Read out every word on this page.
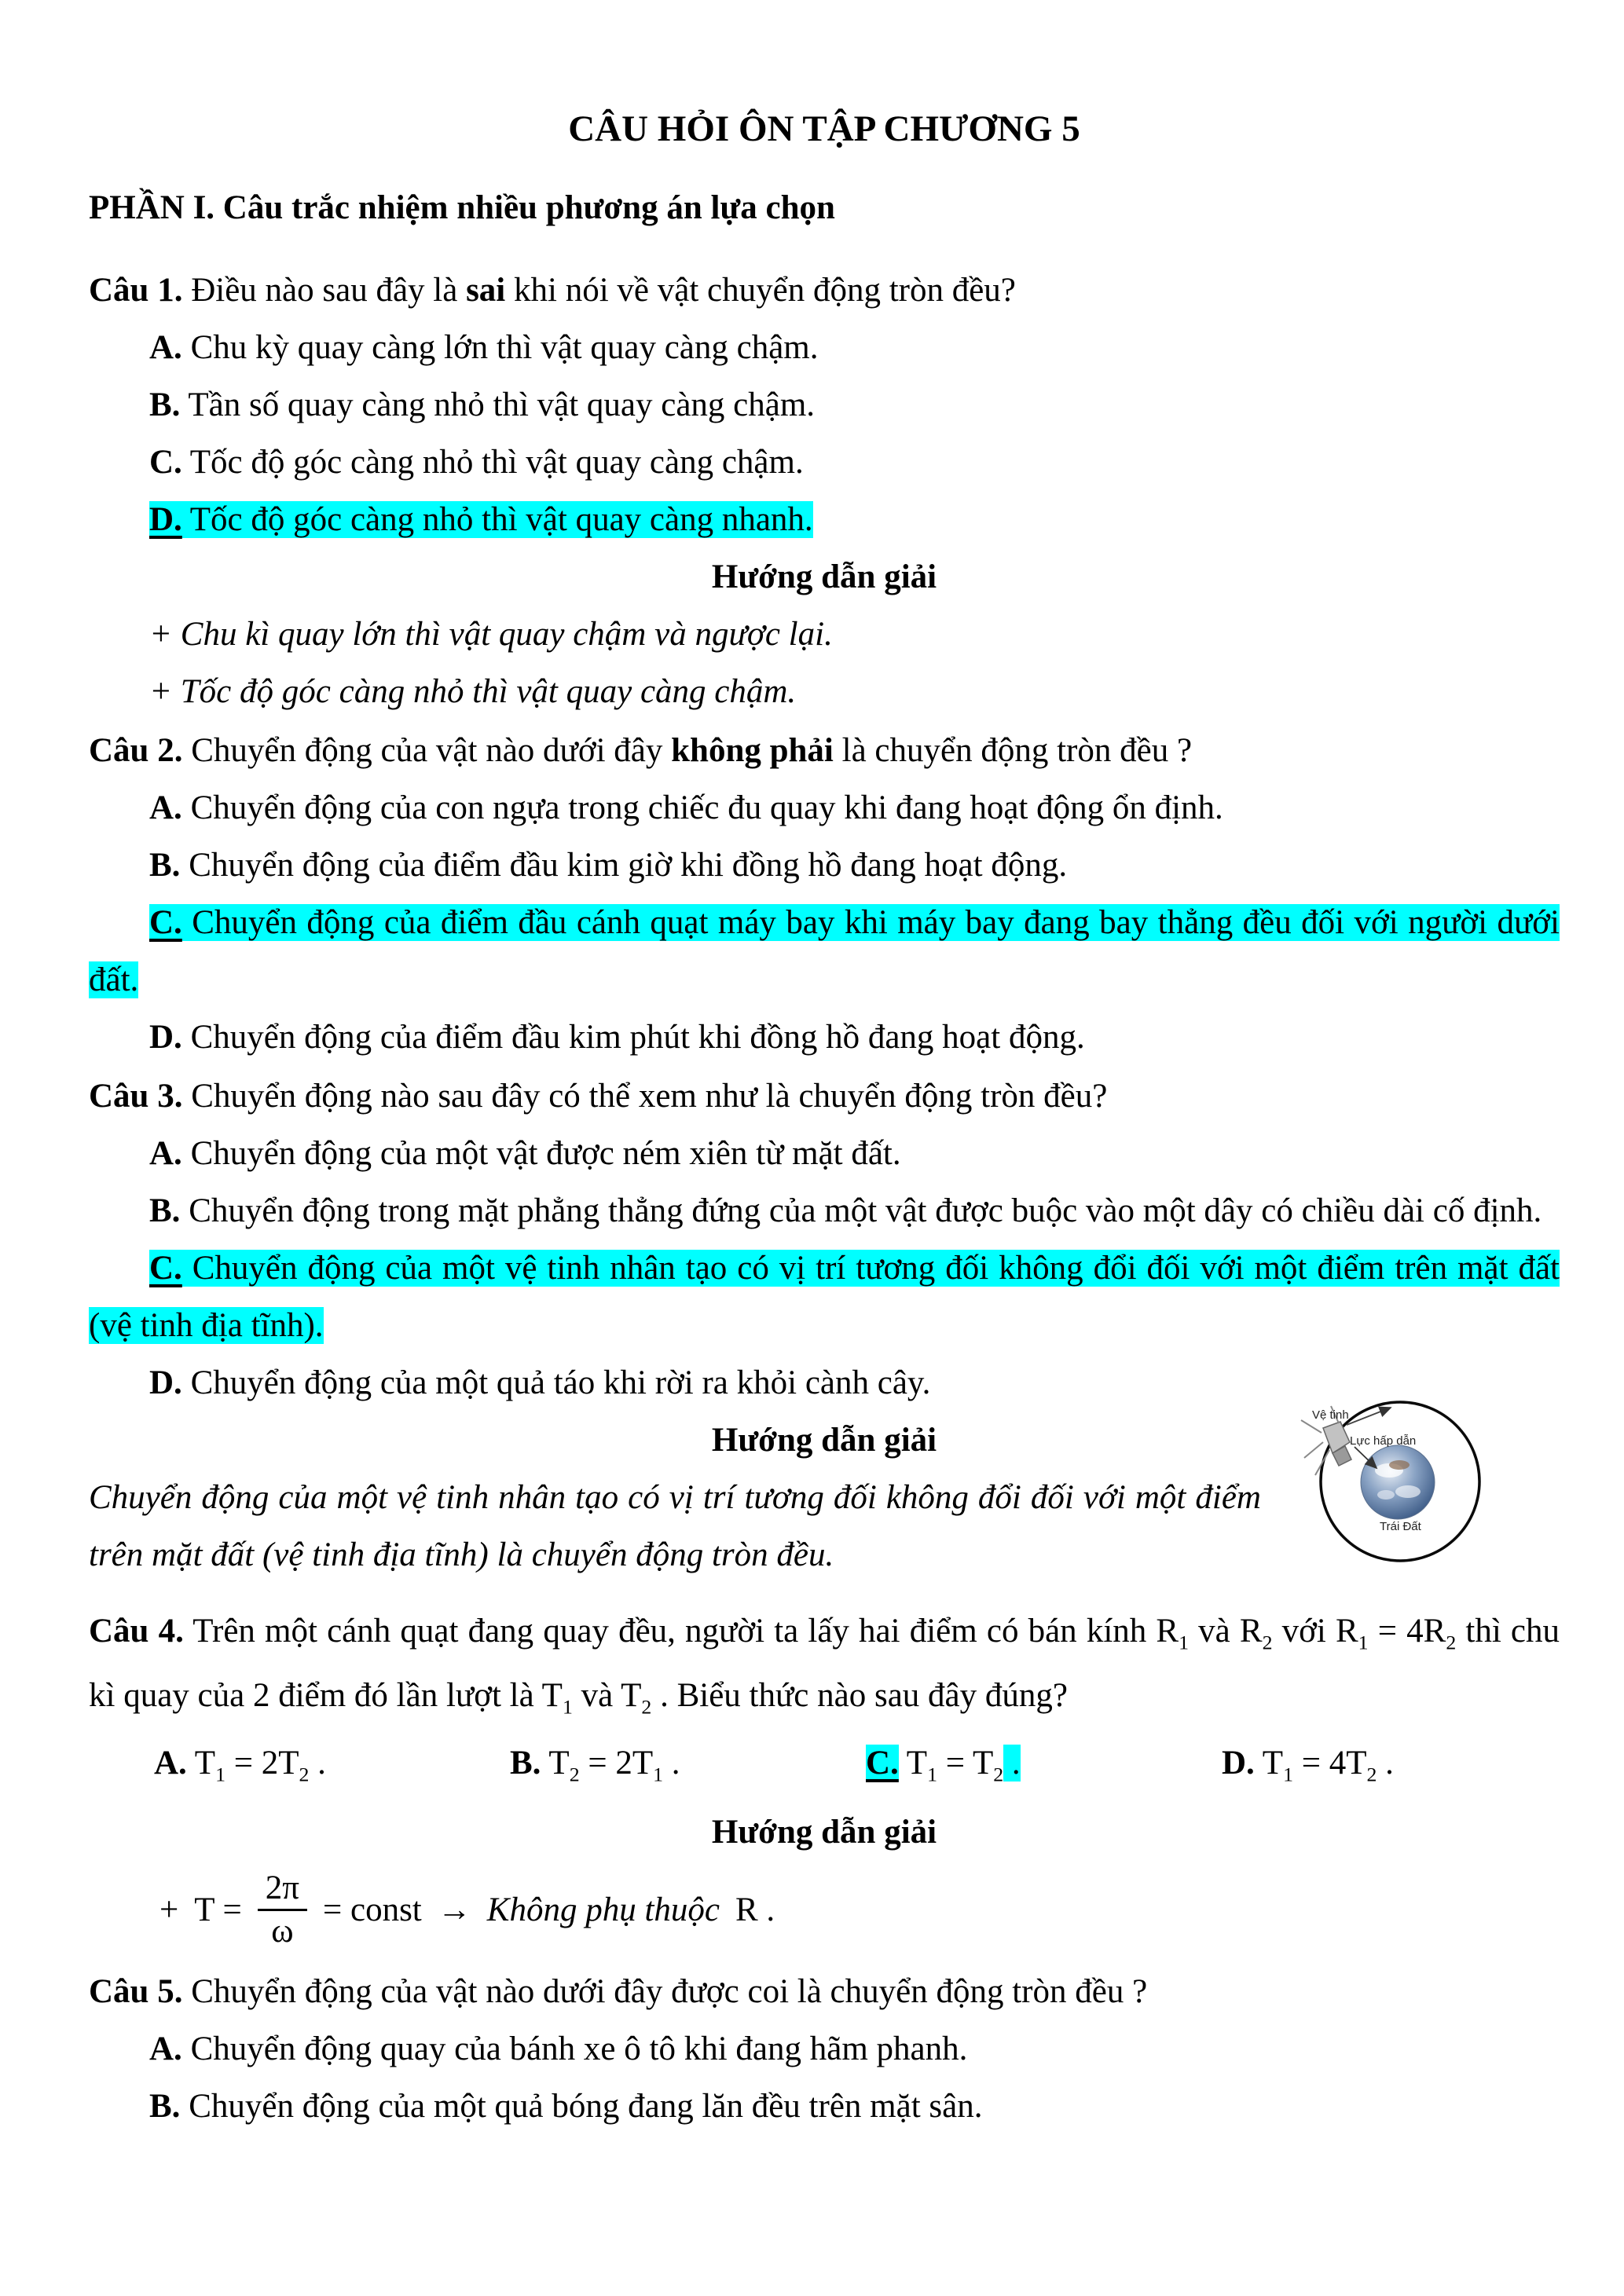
CÂU HỎI ÔN TẬP CHƯƠNG 5

PHẦN I. Câu trắc nhiệm nhiều phương án lựa chọn

Câu 1. Điều nào sau đây là sai khi nói về vật chuyển động tròn đều?

A. Chu kỳ quay càng lớn thì vật quay càng chậm.

B. Tần số quay càng nhỏ thì vật quay càng chậm.

C. Tốc độ góc càng nhỏ thì vật quay càng chậm.

D. Tốc độ góc càng nhỏ thì vật quay càng nhanh.

Hướng dẫn giải

+ Chu kì quay lớn thì vật quay chậm và ngược lại.

+ Tốc độ góc càng nhỏ thì vật quay càng chậm.

Câu 2. Chuyển động của vật nào dưới đây không phải là chuyển động tròn đều ?

A. Chuyển động của con ngựa trong chiếc đu quay khi đang hoạt động ổn định.

B. Chuyển động của điểm đầu kim giờ khi đồng hồ đang hoạt động.

C. Chuyển động của điểm đầu cánh quạt máy bay khi máy bay đang bay thẳng đều đối với người dưới đất.

D. Chuyển động của điểm đầu kim phút khi đồng hồ đang hoạt động.

Câu 3. Chuyển động nào sau đây có thể xem như là chuyển động tròn đều?

A. Chuyển động của một vật được ném xiên từ mặt đất.

B. Chuyển động trong mặt phẳng thẳng đứng của một vật được buộc vào một dây có chiều dài cố định.

C. Chuyển động của một vệ tinh nhân tạo có vị trí tương đối không đổi đối với một điểm trên mặt đất (vệ tinh địa tĩnh).

D. Chuyển động của một quả táo khi rời ra khỏi cành cây.

Hướng dẫn giải

Chuyển động của một vệ tinh nhân tạo có vị trí tương đối không đổi đối với một điểm trên mặt đất (vệ tinh địa tĩnh) là chuyển động tròn đều.

Câu 4. Trên một cánh quạt đang quay đều, người ta lấy hai điểm có bán kính $R_1$ và $R_2$ với $R_1 = 4R_2$ thì chu kì quay của 2 điểm đó lần lượt là $T_1$ và $T_2$ . Biểu thức nào sau đây đúng?

A. $T_1 = 2T_2$ .	B. $T_2 = 2T_1$ .	C. $T_1 = T_2$ .	D. $T_1 = 4T_2$ .

Hướng dẫn giải

+ $T = \frac{2\pi}{\omega}$ = const → Không phụ thuộc R .

Câu 5. Chuyển động của vật nào dưới đây được coi là chuyển động tròn đều ?

A. Chuyển động quay của bánh xe ô tô khi đang hãm phanh.

B. Chuyển động của một quả bóng đang lăn đều trên mặt sân.

Vệ tinh
Lực hấp dẫn
Trái Đất
